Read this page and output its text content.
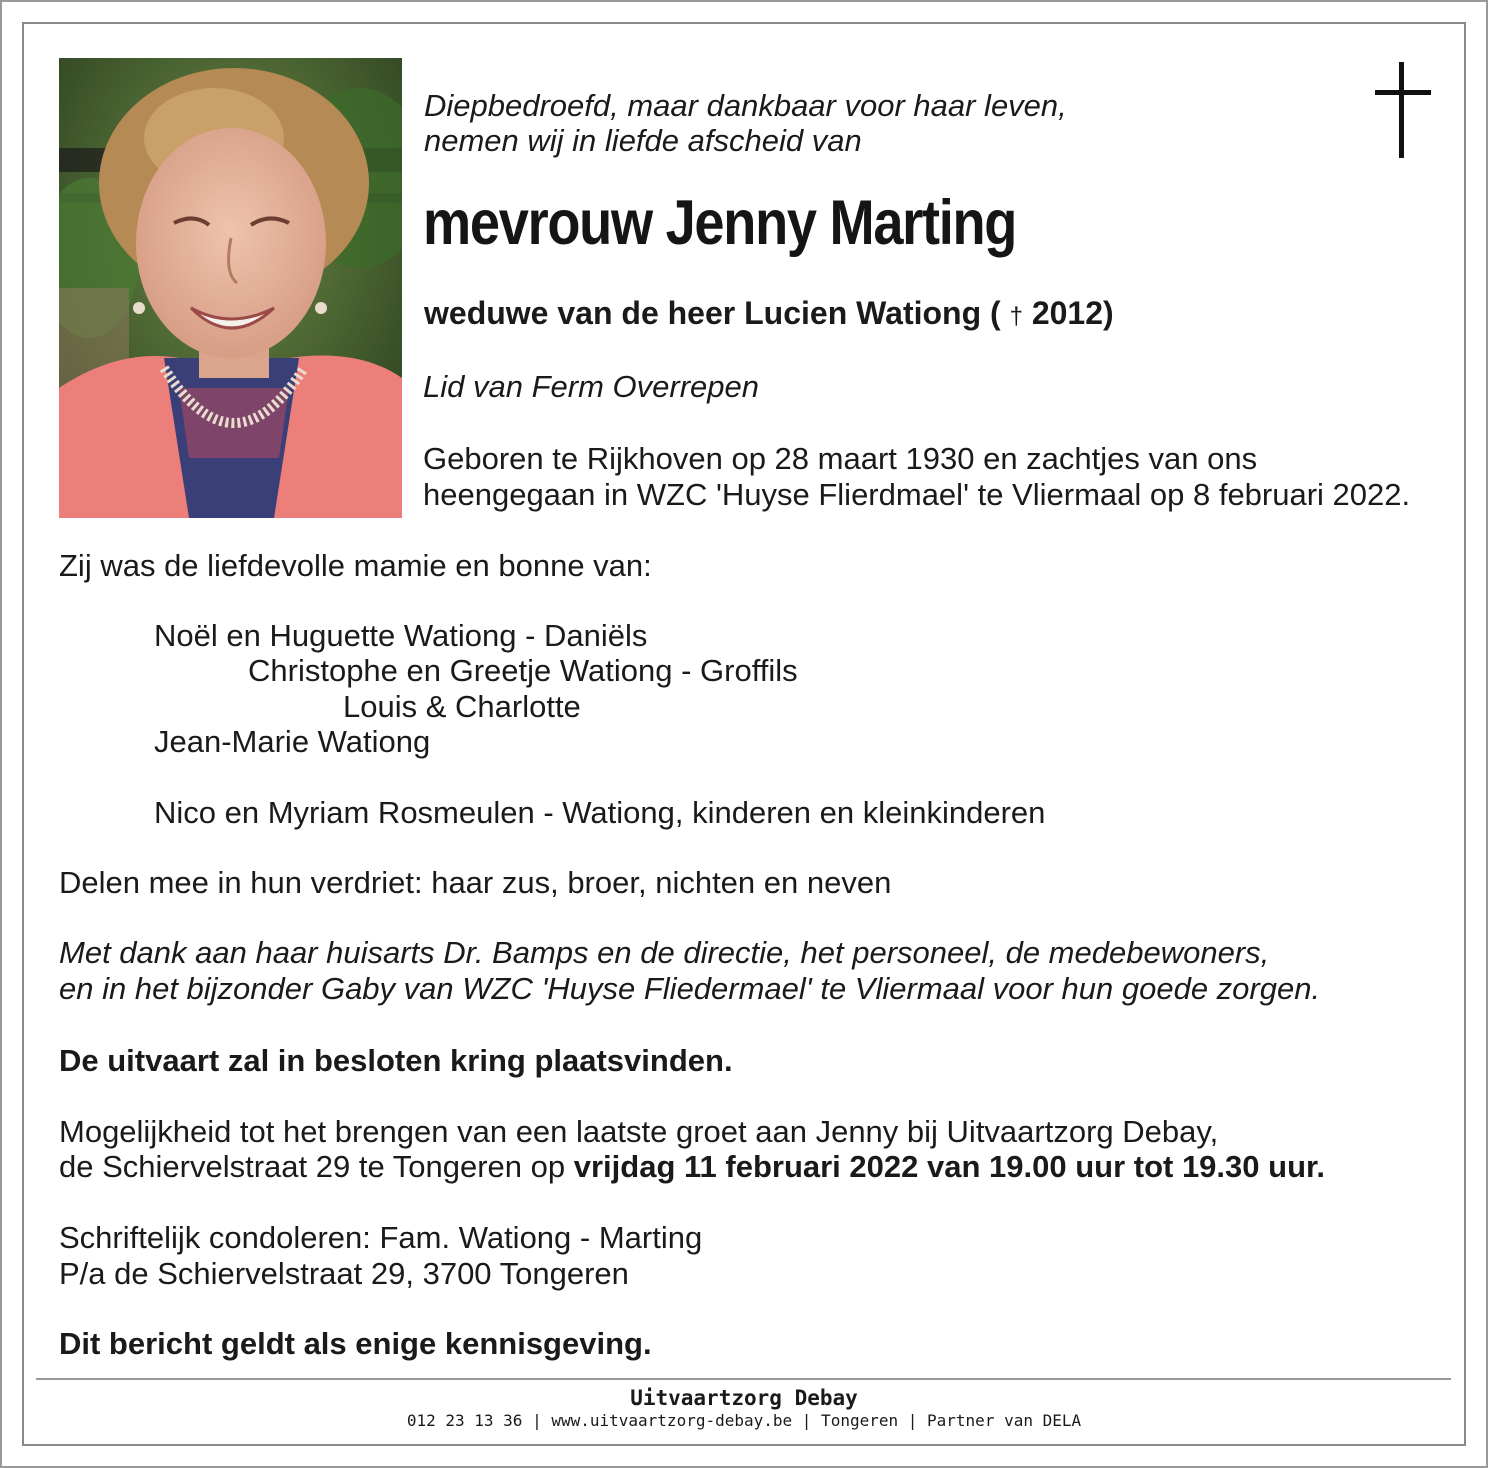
Diepbedroefd, maar dankbaar voor haar leven,

nemen wij in liefde afscheid van

mevrouw Jenny Marting

weduwe van de heer Lucien Wationg ( † 2012)

Lid van Ferm Overrepen

Geboren te Rijkhoven op 28 maart 1930 en zachtjes van ons

heengegaan in WZC 'Huyse Flierdmael' te Vliermaal op 8 februari 2022.

Zij was de liefdevolle mamie en bonne van:

Noël en Huguette Wationg - Daniëls

Christophe en Greetje Wationg - Groffils

Louis & Charlotte

Jean-Marie Wationg

Nico en Myriam Rosmeulen - Wationg, kinderen en kleinkinderen

Delen mee in hun verdriet: haar zus, broer, nichten en neven

Met dank aan haar huisarts Dr. Bamps en de directie, het personeel, de medebewoners,

en in het bijzonder Gaby van WZC 'Huyse Fliedermael' te Vliermaal voor hun goede zorgen.

De uitvaart zal in besloten kring plaatsvinden.

Mogelijkheid tot het brengen van een laatste groet aan Jenny bij Uitvaartzorg Debay,

de Schiervelstraat 29 te Tongeren op vrijdag 11 februari 2022 van 19.00 uur tot 19.30 uur.

Schriftelijk condoleren: Fam. Wationg - Marting

P/a de Schiervelstraat 29, 3700 Tongeren

Dit bericht geldt als enige kennisgeving.

Uitvaartzorg Debay

012 23 13 36 | www.uitvaartzorg-debay.be | Tongeren | Partner van DELA
